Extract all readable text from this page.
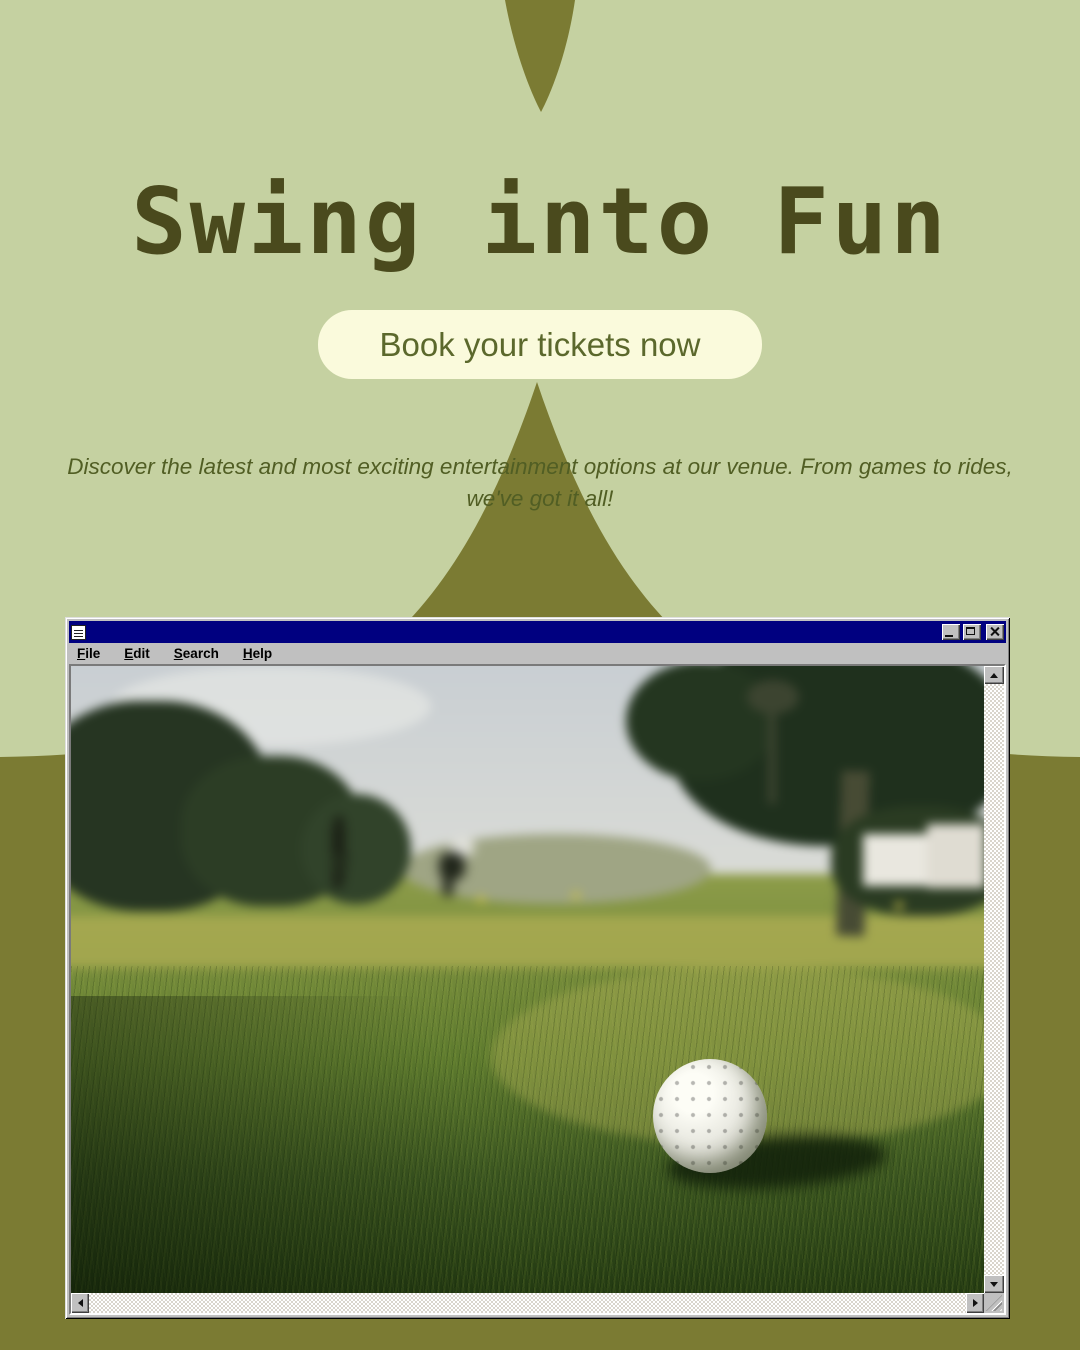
Swing into Fun
Book your tickets now

Discover the latest and most exciting entertainment options at our venue. From games to rides, we've got it all!

File Edit Search Help
